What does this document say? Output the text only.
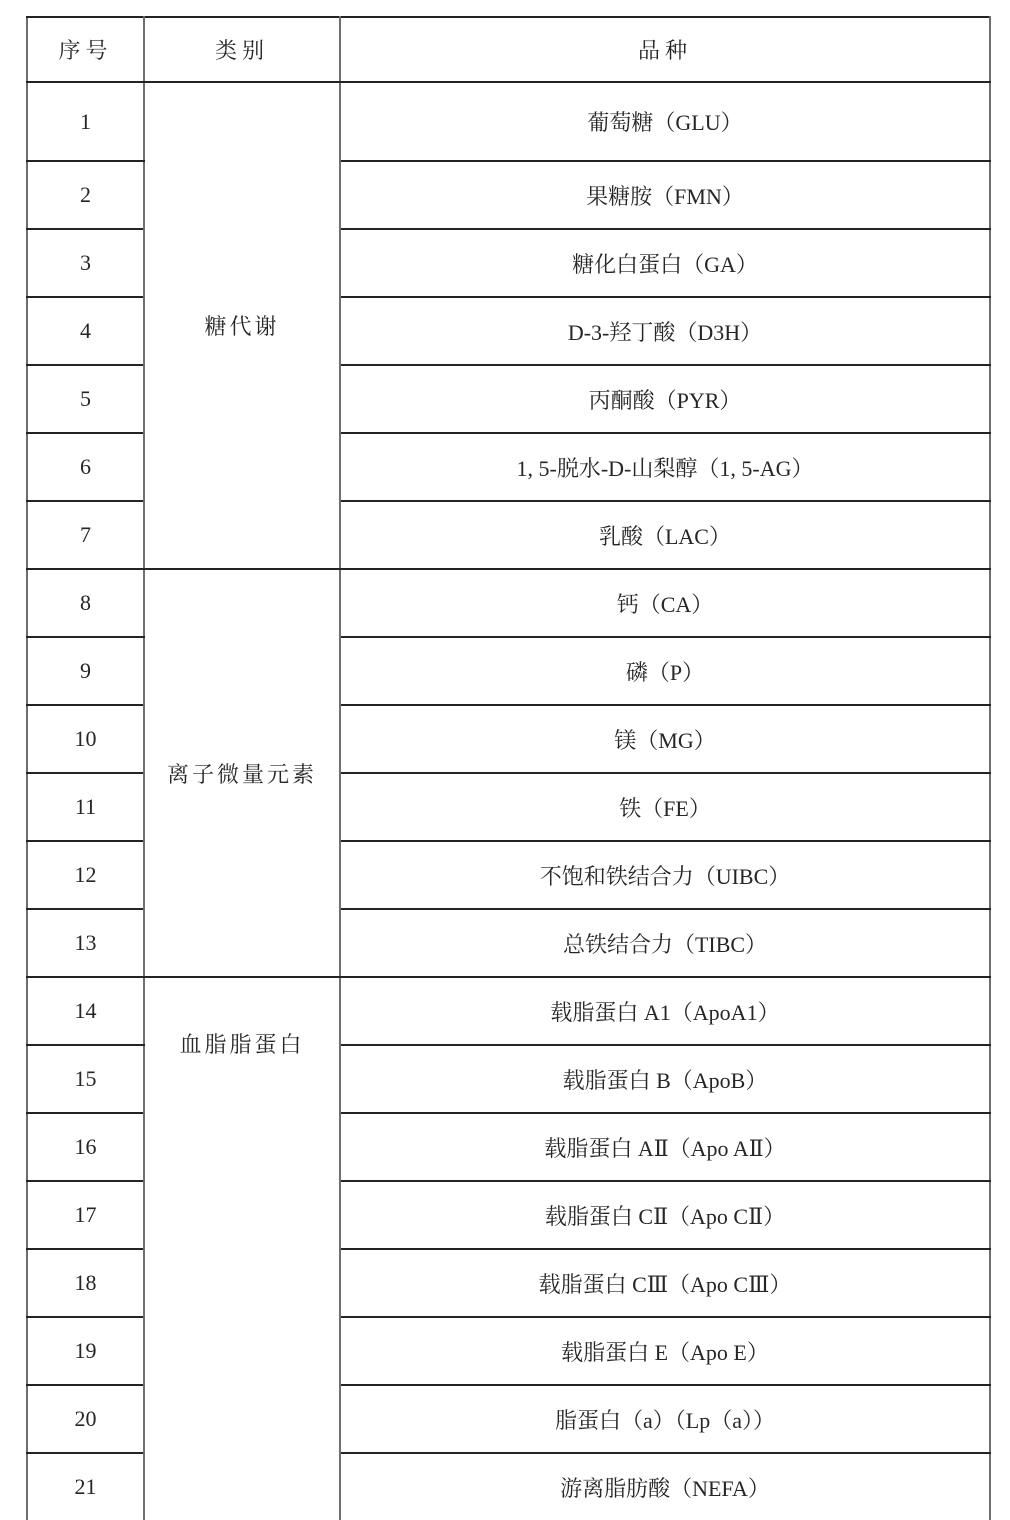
序号	类别	品种
1	糖代谢	葡萄糖（GLU）
2		果糖胺（FMN）
3		糖化白蛋白（GA）
4		D-3-羟丁酸（D3H）
5		丙酮酸（PYR）
6		1, 5-脱水-D-山梨醇（1, 5-AG）
7		乳酸（LAC）
8	离子微量元素	钙（CA）
9		磷（P）
10		镁（MG）
11		铁（FE）
12		不饱和铁结合力（UIBC）
13		总铁结合力（TIBC）
14	血脂脂蛋白	载脂蛋白 A1（ApoA1）
15		载脂蛋白 B（ApoB）
16		载脂蛋白 AⅡ（Apo AⅡ）
17		载脂蛋白 CⅡ（Apo CⅡ）
18		载脂蛋白 CⅢ（Apo CⅢ）
19		载脂蛋白 E（Apo E）
20		脂蛋白（a）（Lp（a））
21		游离脂肪酸（NEFA）
